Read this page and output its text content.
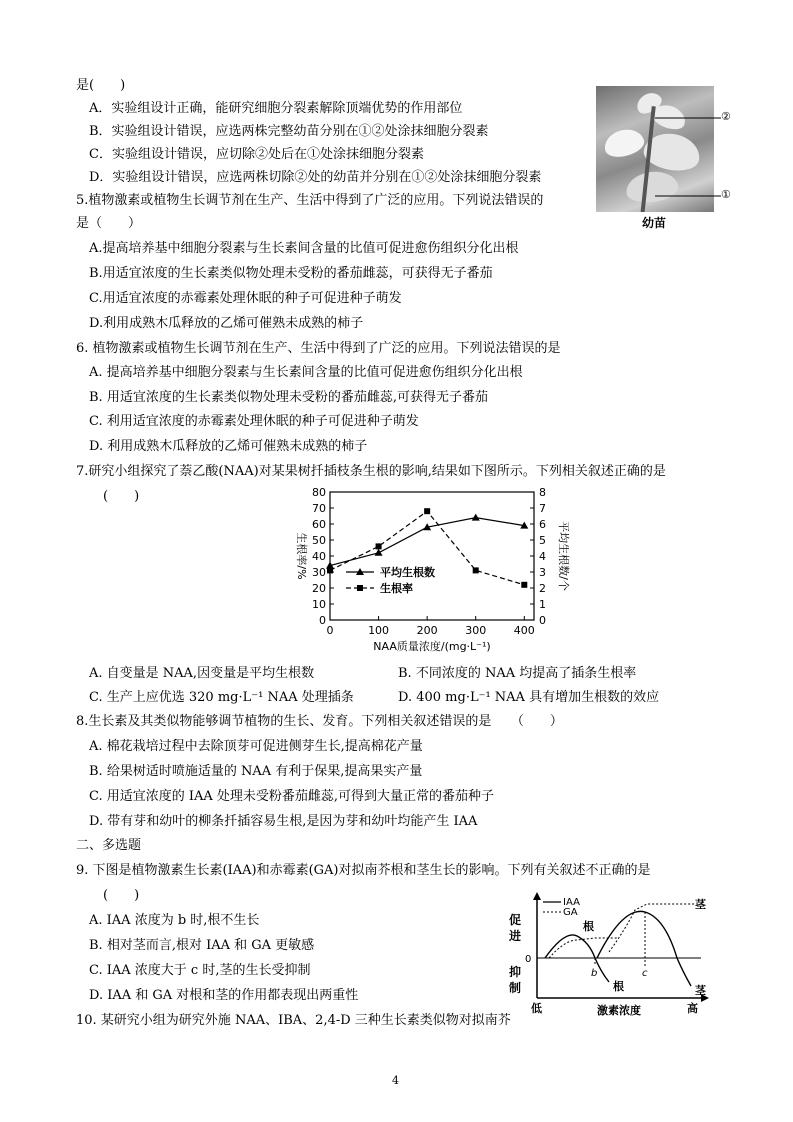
是(　　)
A．实验组设计正确，能研究细胞分裂素解除顶端优势的作用部位
B．实验组设计错误，应选两株完整幼苗分别在①②处涂抹细胞分裂素
C．实验组设计错误，应切除②处后在①处涂抹细胞分裂素
D．实验组设计错误，应选两株切除②处的幼苗并分别在①②处涂抹细胞分裂素
②
①
幼苗
5.植物激素或植物生长调节剂在生产、生活中得到了广泛的应用。下列说法错误的
是（　　）
A.提高培养基中细胞分裂素与生长素间含量的比值可促进愈伤组织分化出根
B.用适宜浓度的生长素类似物处理未受粉的番茄雌蕊，可获得无子番茄
C.用适宜浓度的赤霉素处理休眠的种子可促进种子萌发
D.利用成熟木瓜释放的乙烯可催熟未成熟的柿子
6. 植物激素或植物生长调节剂在生产、生活中得到了广泛的应用。下列说法错误的是
A. 提高培养基中细胞分裂素与生长素间含量的比值可促进愈伤组织分化出根
B. 用适宜浓度的生长素类似物处理未受粉的番茄雌蕊,可获得无子番茄
C. 利用适宜浓度的赤霉素处理休眠的种子可促进种子萌发
D. 利用成熟木瓜释放的乙烯可催熟未成熟的柿子
7.研究小组探究了萘乙酸(NAA)对某果树扦插枝条生根的影响,结果如下图所示。下列相关叙述正确的是
(　　)
0
10
20
30
40
50
60
70
80
0
1
2
3
4
5
6
7
8
0	100	200	300	400
NAA质量浓度/(mg·L⁻¹)
生根率/%	平均生根数/个
平均生根数
生根率
A. 自变量是 NAA,因变量是平均生根数	B. 不同浓度的 NAA 均提高了插条生根率
C. 生产上应优选 320 mg·L⁻¹ NAA 处理插条	D. 400 mg·L⁻¹ NAA 具有增加生根数的效应
8.生长素及其类似物能够调节植物的生长、发育。下列相关叙述错误的是　　（　　）
A. 棉花栽培过程中去除顶芽可促进侧芽生长,提高棉花产量
B. 给果树适时喷施适量的 NAA 有利于保果,提高果实产量
C. 用适宜浓度的 IAA 处理未受粉番茄雌蕊,可得到大量正常的番茄种子
D. 带有芽和幼叶的柳条扦插容易生根,是因为芽和幼叶均能产生 IAA
二、多选题
9. 下图是植物激素生长素(IAA)和赤霉素(GA)对拟南芥根和茎生长的影响。下列有关叙述不正确的是
(　　)
A. IAA 浓度为 b 时,根不生长
B. 相对茎而言,根对 IAA 和 GA 更敏感
C. IAA 浓度大于 c 时,茎的生长受抑制
D. IAA 和 GA 对根和茎的作用都表现出两重性
IAA
GA
促
进
抑
制
0
b	c
根
根
茎
茎
低	激素浓度	高
10. 某研究小组为研究外施 NAA、IBA、2,4-D 三种生长素类似物对拟南芥
4
